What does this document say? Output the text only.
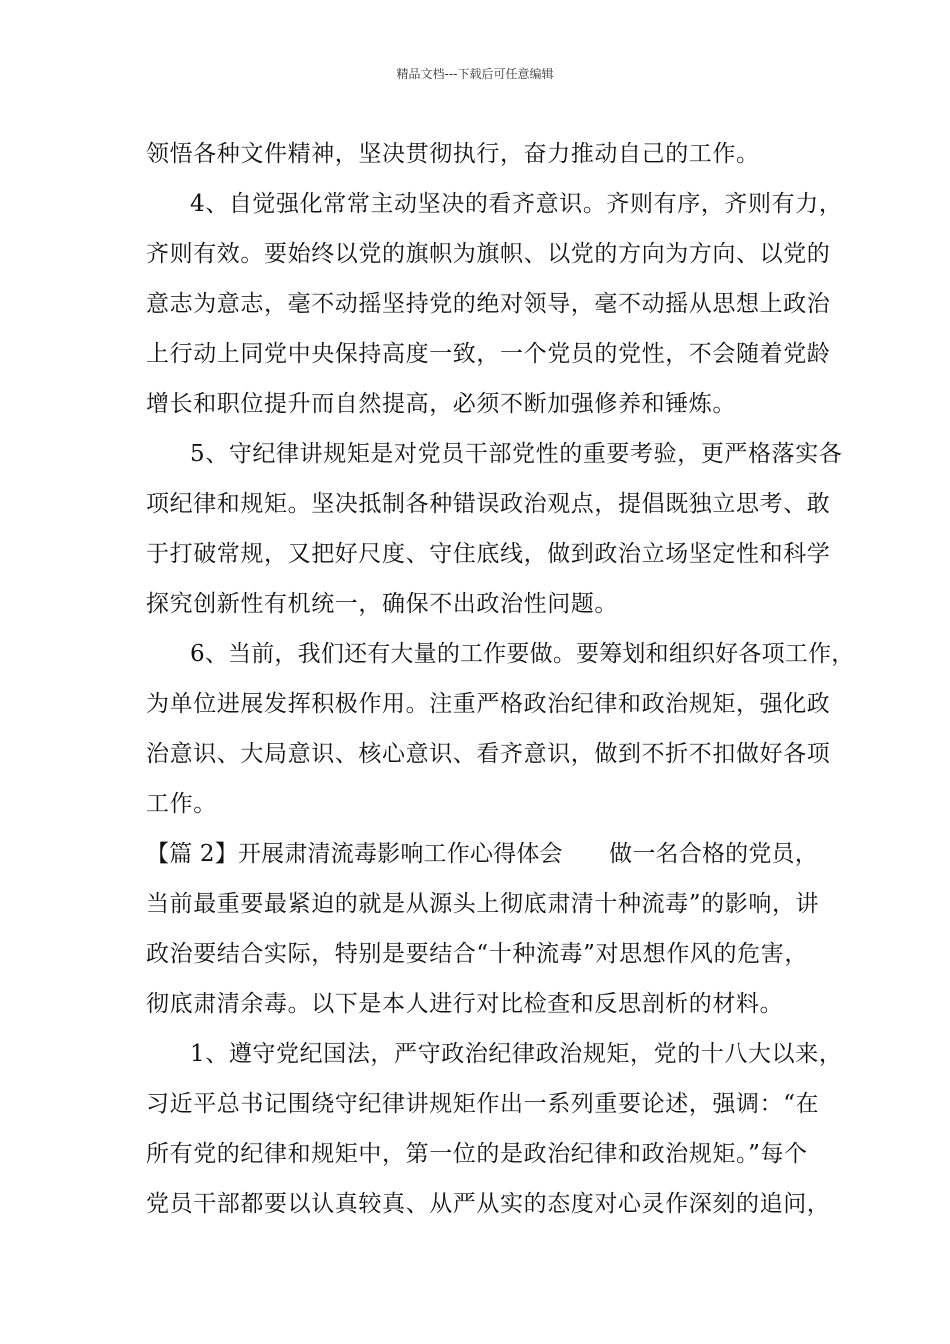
精品文档---下载后可任意编辑
领悟各种文件精神，坚决贯彻执行，奋力推动自己的工作。
4、自觉强化常常主动坚决的看齐意识。齐则有序，齐则有力，
齐则有效。要始终以党的旗帜为旗帜、以党的方向为方向、以党的
意志为意志，毫不动摇坚持党的绝对领导，毫不动摇从思想上政治
上行动上同党中央保持高度一致，一个党员的党性，不会随着党龄
增长和职位提升而自然提高，必须不断加强修养和锤炼。
5、守纪律讲规矩是对党员干部党性的重要考验，更严格落实各
项纪律和规矩。坚决抵制各种错误政治观点，提倡既独立思考、敢
于打破常规，又把好尺度、守住底线，做到政治立场坚定性和科学
探究创新性有机统一，确保不出政治性问题。
6、当前，我们还有大量的工作要做。要筹划和组织好各项工作，
为单位进展发挥积极作用。注重严格政治纪律和政治规矩，强化政
治意识、大局意识、核心意识、看齐意识，做到不折不扣做好各项
工作。
【篇 2】开展肃清流毒影响工作心得体会　　做一名合格的党员，
当前最重要最紧迫的就是从源头上彻底肃清十种流毒”的影响，讲
政治要结合实际，特别是要结合“十种流毒”对思想作风的危害，
彻底肃清余毒。以下是本人进行对比检查和反思剖析的材料。
1、遵守党纪国法，严守政治纪律政治规矩，党的十八大以来，
习近平总书记围绕守纪律讲规矩作出一系列重要论述，强调：“在
所有党的纪律和规矩中，第一位的是政治纪律和政治规矩。”每个
党员干部都要以认真较真、从严从实的态度对心灵作深刻的追问，
